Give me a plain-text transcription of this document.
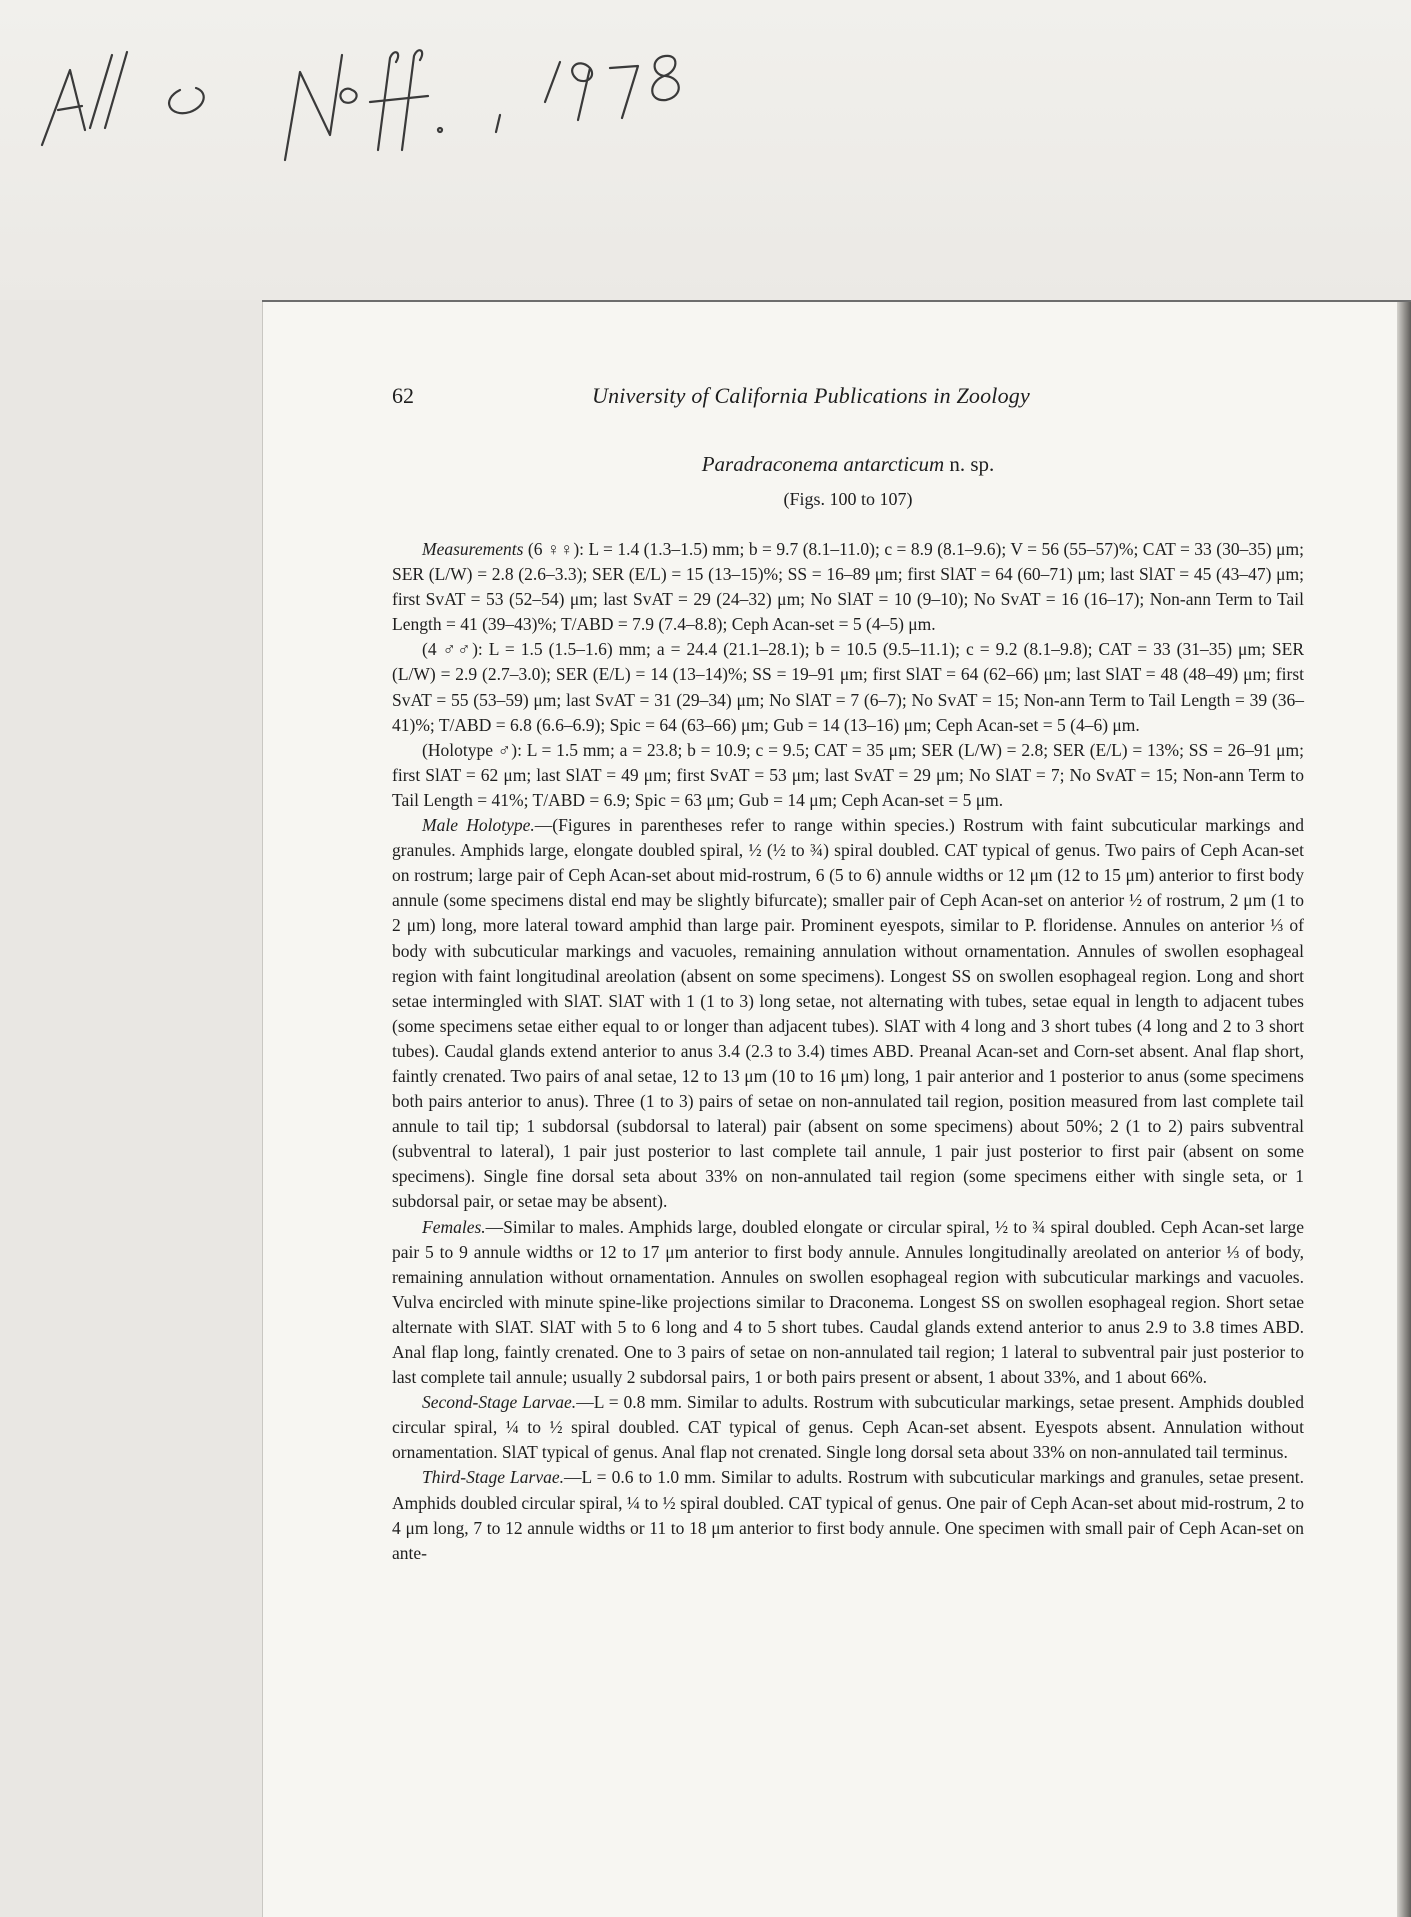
62	University of California Publications in Zoology
Paradraconema antarcticum n. sp.
(Figs. 100 to 107)

Measurements (6 ♀♀): L = 1.4 (1.3–1.5) mm; b = 9.7 (8.1–11.0); c = 8.9 (8.1–9.6); V = 56 (55–57)%; CAT = 33 (30–35) μm; SER (L/W) = 2.8 (2.6–3.3); SER (E/L) = 15 (13–15)%; SS = 16–89 μm; first SlAT = 64 (60–71) μm; last SlAT = 45 (43–47) μm; first SvAT = 53 (52–54) μm; last SvAT = 29 (24–32) μm; No SlAT = 10 (9–10); No SvAT = 16 (16–17); Non-ann Term to Tail Length = 41 (39–43)%; T/ABD = 7.9 (7.4–8.8); Ceph Acan-set = 5 (4–5) μm.

(4 ♂♂): L = 1.5 (1.5–1.6) mm; a = 24.4 (21.1–28.1); b = 10.5 (9.5–11.1); c = 9.2 (8.1–9.8); CAT = 33 (31–35) μm; SER (L/W) = 2.9 (2.7–3.0); SER (E/L) = 14 (13–14)%; SS = 19–91 μm; first SlAT = 64 (62–66) μm; last SlAT = 48 (48–49) μm; first SvAT = 55 (53–59) μm; last SvAT = 31 (29–34) μm; No SlAT = 7 (6–7); No SvAT = 15; Non-ann Term to Tail Length = 39 (36–41)%; T/ABD = 6.8 (6.6–6.9); Spic = 64 (63–66) μm; Gub = 14 (13–16) μm; Ceph Acan-set = 5 (4–6) μm.

(Holotype ♂): L = 1.5 mm; a = 23.8; b = 10.9; c = 9.5; CAT = 35 μm; SER (L/W) = 2.8; SER (E/L) = 13%; SS = 26–91 μm; first SlAT = 62 μm; last SlAT = 49 μm; first SvAT = 53 μm; last SvAT = 29 μm; No SlAT = 7; No SvAT = 15; Non-ann Term to Tail Length = 41%; T/ABD = 6.9; Spic = 63 μm; Gub = 14 μm; Ceph Acan-set = 5 μm.

Male Holotype.—(Figures in parentheses refer to range within species.) Rostrum with faint subcuticular markings and granules. Amphids large, elongate doubled spiral, ½ (½ to ¾) spiral doubled. CAT typical of genus. Two pairs of Ceph Acan-set on rostrum; large pair of Ceph Acan-set about mid-rostrum, 6 (5 to 6) annule widths or 12 μm (12 to 15 μm) anterior to first body annule (some specimens distal end may be slightly bifurcate); smaller pair of Ceph Acan-set on anterior ½ of rostrum, 2 μm (1 to 2 μm) long, more lateral toward amphid than large pair. Prominent eyespots, similar to P. floridense. Annules on anterior ⅓ of body with subcuticular markings and vacuoles, remaining annulation without ornamentation. Annules of swollen esophageal region with faint longitudinal areolation (absent on some specimens). Longest SS on swollen esophageal region. Long and short setae intermingled with SlAT. SlAT with 1 (1 to 3) long setae, not alternating with tubes, setae equal in length to adjacent tubes (some specimens setae either equal to or longer than adjacent tubes). SlAT with 4 long and 3 short tubes (4 long and 2 to 3 short tubes). Caudal glands extend anterior to anus 3.4 (2.3 to 3.4) times ABD. Preanal Acan-set and Corn-set absent. Anal flap short, faintly crenated. Two pairs of anal setae, 12 to 13 μm (10 to 16 μm) long, 1 pair anterior and 1 posterior to anus (some specimens both pairs anterior to anus). Three (1 to 3) pairs of setae on non-annulated tail region, position measured from last complete tail annule to tail tip; 1 subdorsal (subdorsal to lateral) pair (absent on some specimens) about 50%; 2 (1 to 2) pairs subventral (subventral to lateral), 1 pair just posterior to last complete tail annule, 1 pair just posterior to first pair (absent on some specimens). Single fine dorsal seta about 33% on non-annulated tail region (some specimens either with single seta, or 1 subdorsal pair, or setae may be absent).

Females.—Similar to males. Amphids large, doubled elongate or circular spiral, ½ to ¾ spiral doubled. Ceph Acan-set large pair 5 to 9 annule widths or 12 to 17 μm anterior to first body annule. Annules longitudinally areolated on anterior ⅓ of body, remaining annulation without ornamentation. Annules on swollen esophageal region with subcuticular markings and vacuoles. Vulva encircled with minute spine-like projections similar to Draconema. Longest SS on swollen esophageal region. Short setae alternate with SlAT. SlAT with 5 to 6 long and 4 to 5 short tubes. Caudal glands extend anterior to anus 2.9 to 3.8 times ABD. Anal flap long, faintly crenated. One to 3 pairs of setae on non-annulated tail region; 1 lateral to subventral pair just posterior to last complete tail annule; usually 2 subdorsal pairs, 1 or both pairs present or absent, 1 about 33%, and 1 about 66%.

Second-Stage Larvae.—L = 0.8 mm. Similar to adults. Rostrum with subcuticular markings, setae present. Amphids doubled circular spiral, ¼ to ½ spiral doubled. CAT typical of genus. Ceph Acan-set absent. Eyespots absent. Annulation without ornamentation. SlAT typical of genus. Anal flap not crenated. Single long dorsal seta about 33% on non-annulated tail terminus.

Third-Stage Larvae.—L = 0.6 to 1.0 mm. Similar to adults. Rostrum with subcuticular markings and granules, setae present. Amphids doubled circular spiral, ¼ to ½ spiral doubled. CAT typical of genus. One pair of Ceph Acan-set about mid-rostrum, 2 to 4 μm long, 7 to 12 annule widths or 11 to 18 μm anterior to first body annule. One specimen with small pair of Ceph Acan-set on ante-
